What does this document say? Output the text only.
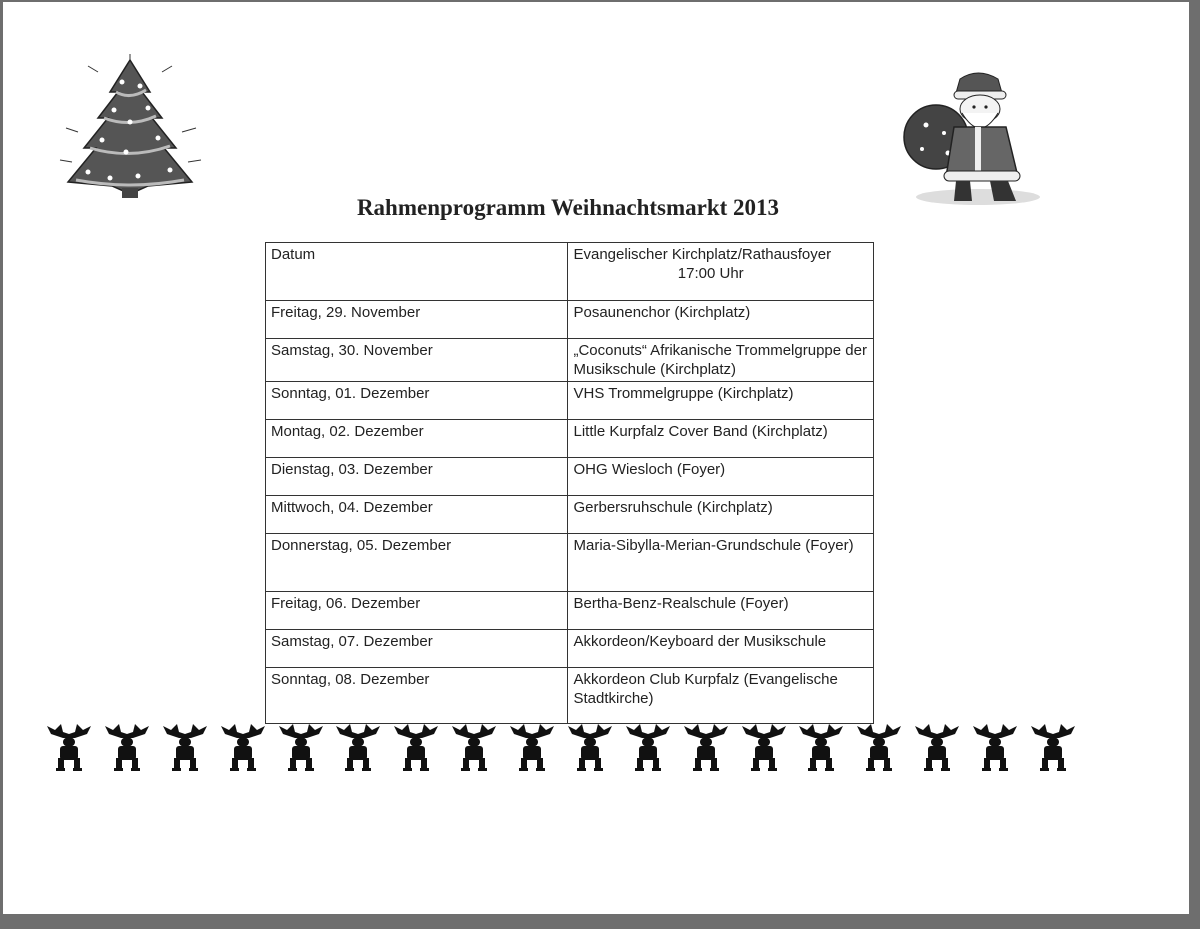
Rahmenprogramm Weihnachtsmarkt 2013
Datum	Evangelischer Kirchplatz/Rathausfoyer
17:00 Uhr

Freitag, 29. November	Posaunenchor (Kirchplatz)
Samstag, 30. November	„Coconuts“ Afrikanische Trommelgruppe der Musikschule (Kirchplatz)
Sonntag, 01. Dezember	VHS Trommelgruppe (Kirchplatz)
Montag, 02. Dezember	Little Kurpfalz Cover Band (Kirchplatz)
Dienstag, 03. Dezember	OHG Wiesloch (Foyer)
Mittwoch, 04. Dezember	Gerbersruhschule (Kirchplatz)
Donnerstag, 05. Dezember	Maria-Sibylla-Merian-Grundschule (Foyer)
Freitag, 06. Dezember	Bertha-Benz-Realschule (Foyer)
Samstag, 07. Dezember	Akkordeon/Keyboard der Musikschule
Sonntag, 08. Dezember	Akkordeon Club Kurpfalz (Evangelische Stadtkirche)
